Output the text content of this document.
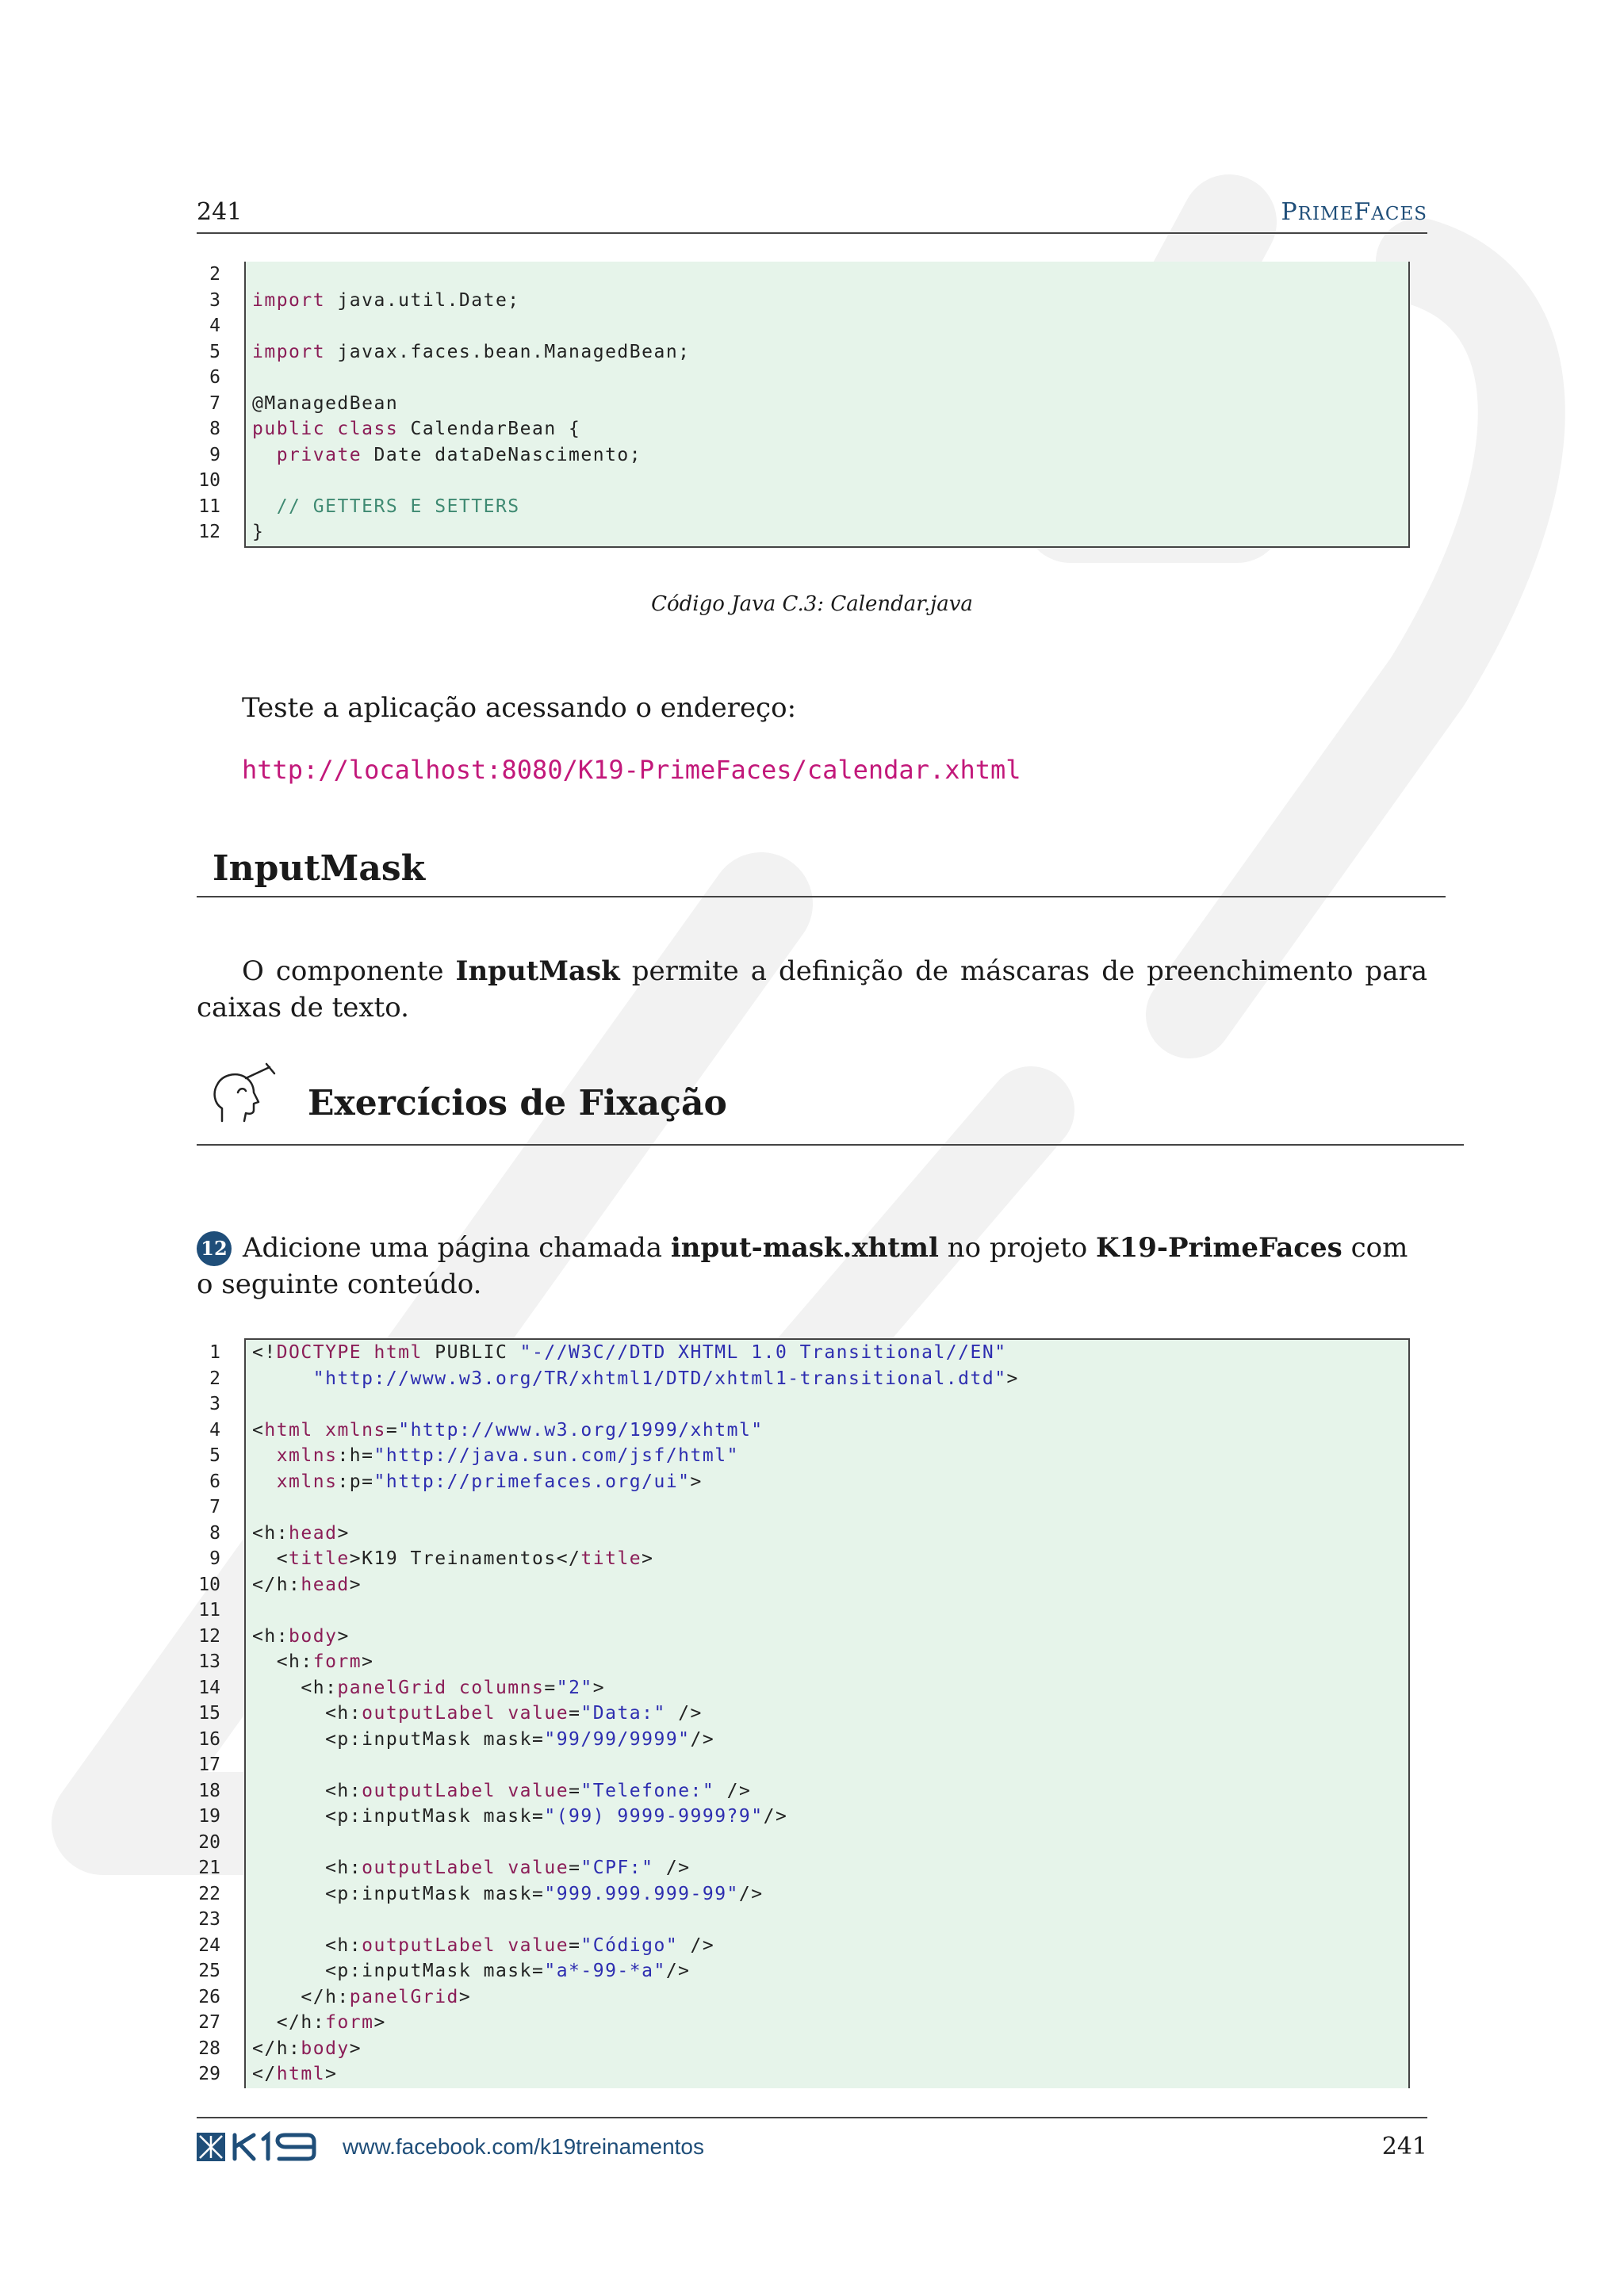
241	PRIMEFACES
2
3
4
5
6
7
8
9
10
11
12

import java.util.Date;

import javax.faces.bean.ManagedBean;

@ManagedBean
public class CalendarBean {
private Date dataDeNascimento;

// GETTERS E SETTERS
}
Código Java C.3: Calendar.java
Teste a aplicação acessando o endereço:
http://localhost:8080/K19-PrimeFaces/calendar.xhtml
InputMask
O componente InputMask permite a definição de máscaras de preenchimento para caixas de texto.
Exercícios de Fixação
12 Adicione uma página chamada input-mask.xhtml no projeto K19-PrimeFaces com o seguinte conteúdo.
1
2
3
4
5
6
7
8
9
10
11
12
13
14
15
16
17
18
19
20
21
22
23
24
25
26
27
28
29
<!DOCTYPE html PUBLIC "-//W3C//DTD XHTML 1.0 Transitional//EN"
"http://www.w3.org/TR/xhtml1/DTD/xhtml1-transitional.dtd">

<html xmlns="http://www.w3.org/1999/xhtml"
xmlns:h="http://java.sun.com/jsf/html"
xmlns:p="http://primefaces.org/ui">

<h:head>
<title>K19 Treinamentos</title>
</h:head>

<h:body>
<h:form>
<h:panelGrid columns="2">
<h:outputLabel value="Data:" />
<p:inputMask mask="99/99/9999"/>

<h:outputLabel value="Telefone:" />
<p:inputMask mask="(99) 9999-9999?9"/>

<h:outputLabel value="CPF:" />
<p:inputMask mask="999.999.999-99"/>

<h:outputLabel value="Código" />
<p:inputMask mask="a*-99-*a"/>
</h:panelGrid>
</h:form>
</h:body>
</html>
www.facebook.com/k19treinamentos	241
